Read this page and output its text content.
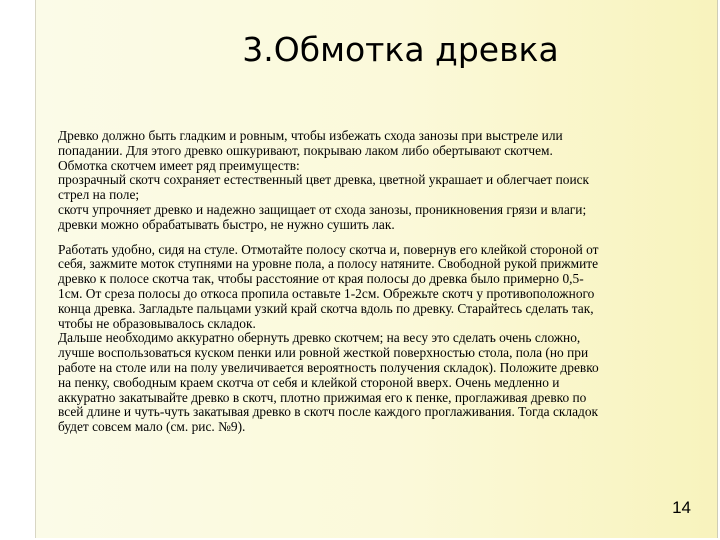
3.Обмотка древка
Древко должно быть гладким и ровным, чтобы избежать схода занозы при выстреле или
попадании. Для этого древко ошкуривают, покрываю лаком либо обертывают скотчем.
Обмотка скотчем имеет ряд преимуществ:
прозрачный скотч сохраняет естественный цвет древка, цветной украшает и облегчает поиск
стрел на поле;
скотч упрочняет древко и надежно защищает от схода занозы, проникновения грязи и влаги;
древки можно обрабатывать быстро, не нужно сушить лак.
Работать удобно, сидя на стуле. Отмотайте полосу скотча и, повернув его клейкой стороной от
себя, зажмите моток ступнями на уровне пола, а полосу натяните. Свободной рукой прижмите
древко к полосе скотча так, чтобы расстояние от края полосы до древка было примерно 0,5-
1см. От среза полосы до откоса пропила оставьте 1-2см. Обрежьте скотч у противоположного
конца древка. Загладьте пальцами узкий край скотча вдоль по древку. Старайтесь сделать так,
чтобы не образовывалось складок.
Дальше необходимо аккуратно обернуть древко скотчем; на весу это сделать очень сложно,
лучше воспользоваться куском пенки или ровной жесткой поверхностью стола, пола (но при
работе на столе или на полу увеличивается вероятность получения складок). Положите древко
на пенку, свободным краем скотча от себя и клейкой стороной вверх. Очень медленно и
аккуратно закатывайте древко в скотч, плотно прижимая его к пенке, проглаживая древко по
всей длине и чуть-чуть закатывая древко в скотч после каждого проглаживания. Тогда складок
будет совсем мало (см. рис. №9).
14
